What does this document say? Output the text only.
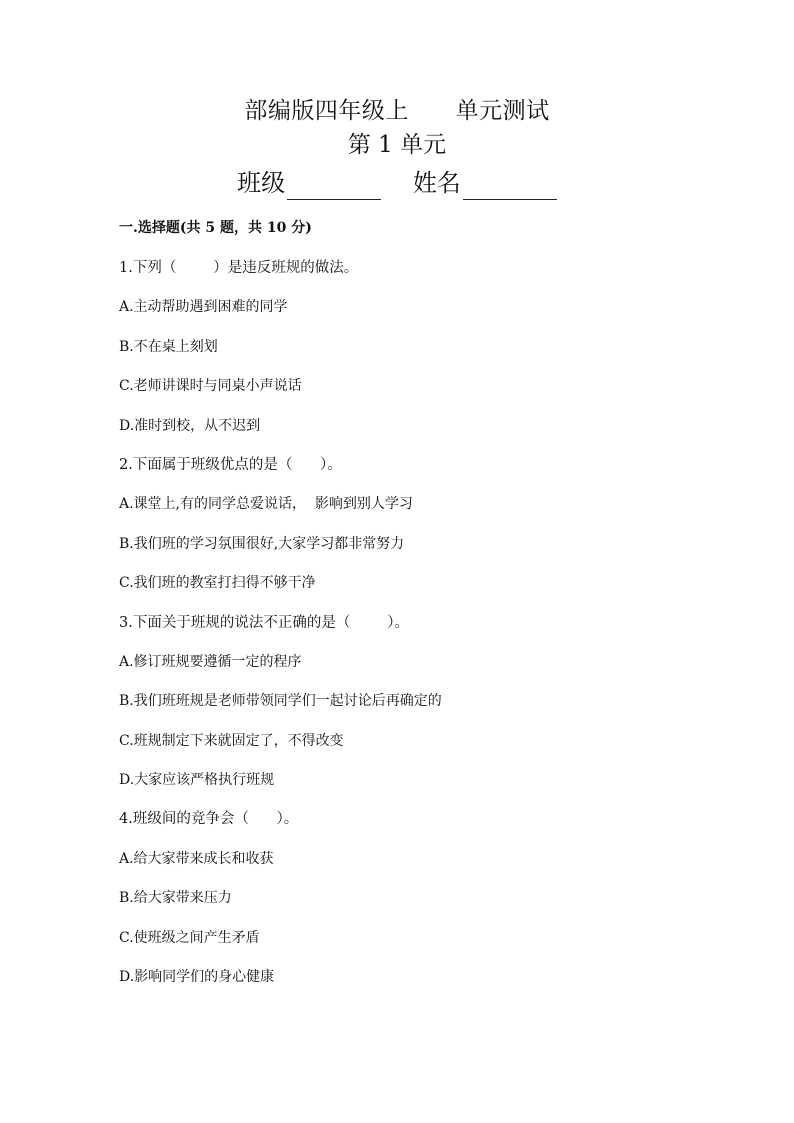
部编版四年级上      单元测试
第 1 单元
班级	姓名
一.选择题(共 5 题，共 10 分)
1.下列（        ）是违反班规的做法。
A.主动帮助遇到困难的同学
B.不在桌上刻划
C.老师讲课时与同桌小声说话
D.准时到校，从不迟到
2.下面属于班级优点的是（      ）。
A.课堂上,有的同学总爱说话，  影响到别人学习
B.我们班的学习氛围很好,大家学习都非常努力
C.我们班的教室打扫得不够干净
3.下面关于班规的说法不正确的是（        ）。
A.修订班规要遵循一定的程序
B.我们班班规是老师带领同学们一起讨论后再确定的
C.班规制定下来就固定了，不得改变
D.大家应该严格执行班规
4.班级间的竞争会（      ）。
A.给大家带来成长和收获
B.给大家带来压力
C.使班级之间产生矛盾
D.影响同学们的身心健康
